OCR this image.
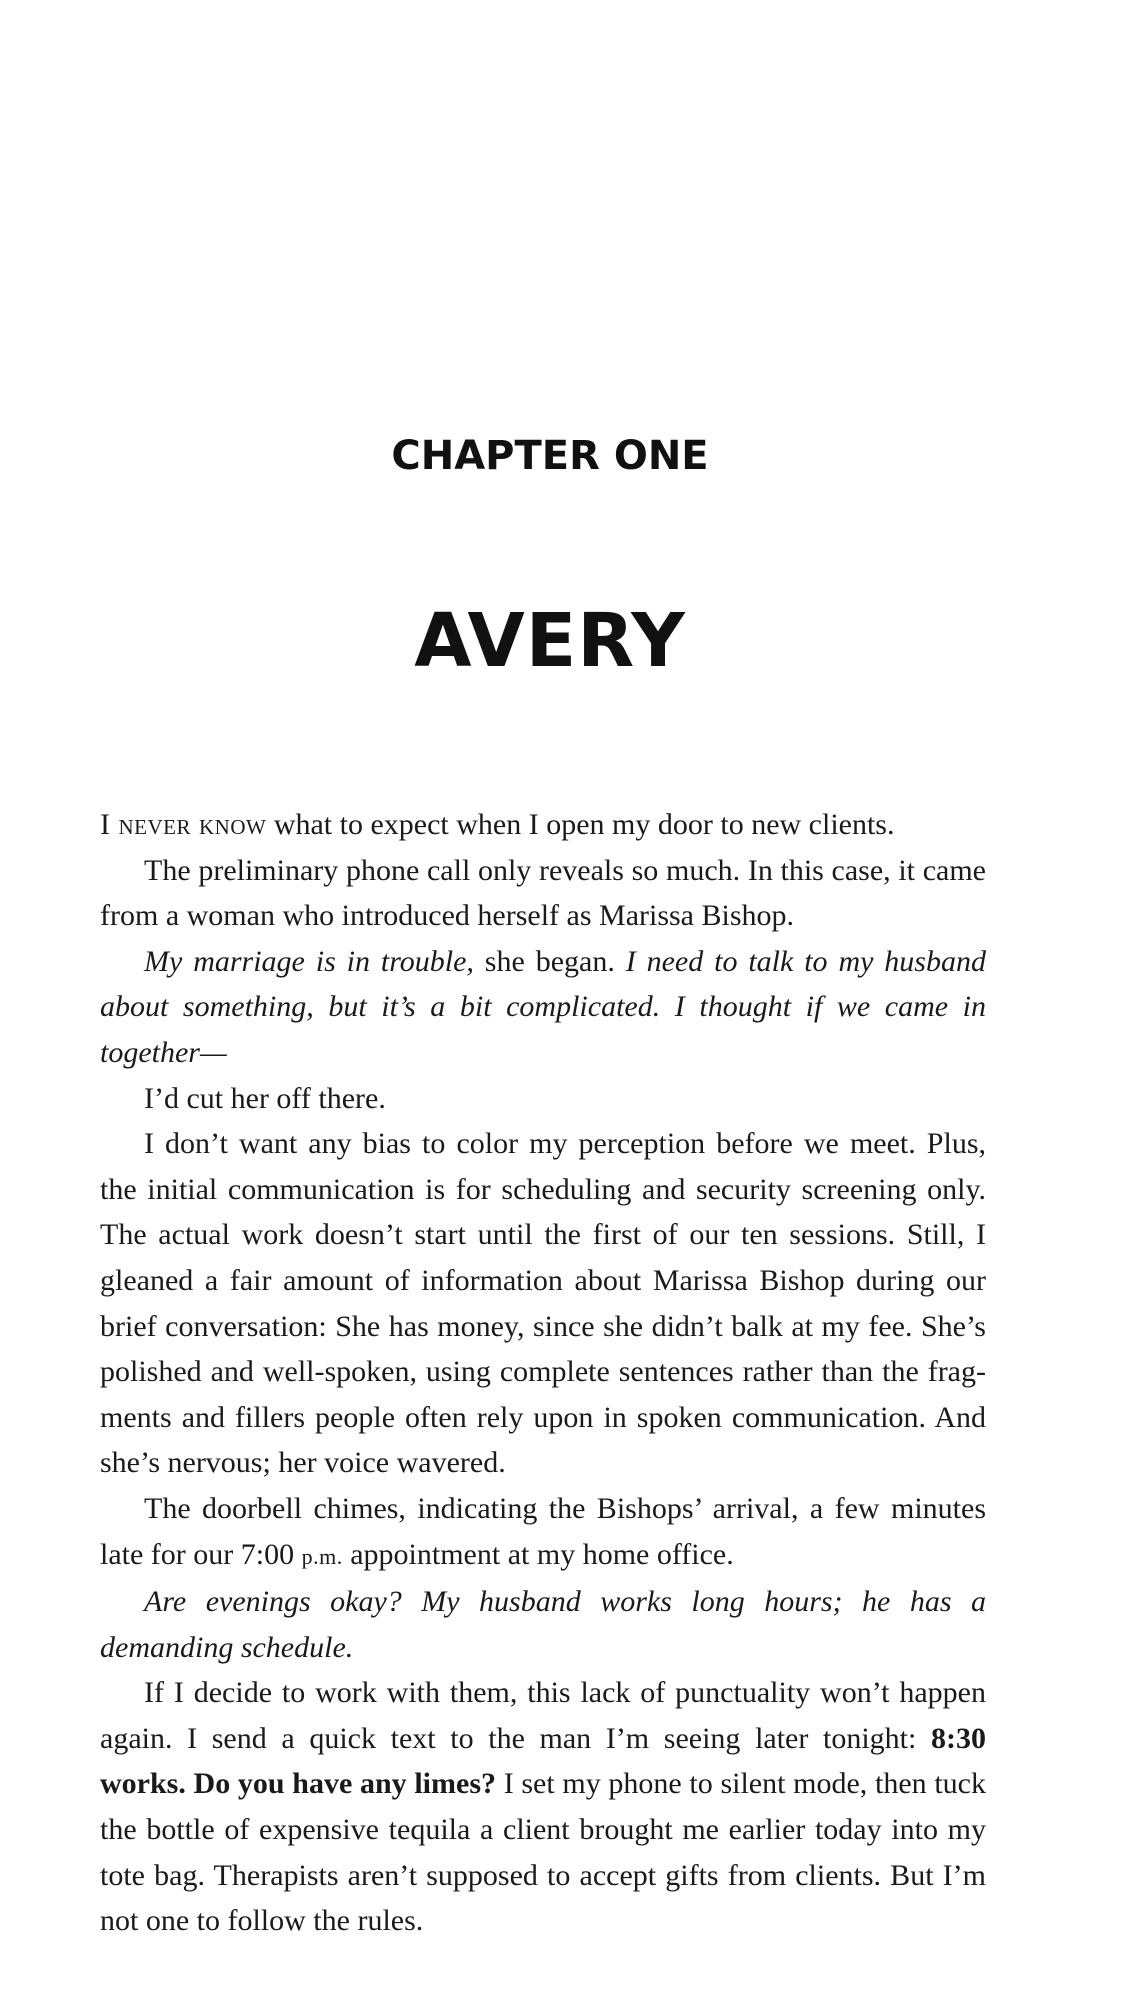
CHAPTER ONE
AVERY

I never know what to expect when I open my door to new clients.

The preliminary phone call only reveals so much. In this case, it came from a woman who introduced herself as Marissa Bishop.

My marriage is in trouble, she began. I need to talk to my husband about something, but it’s a bit complicated. I thought if we came in together—

I’d cut her off there.

I don’t want any bias to color my perception before we meet. Plus, the initial communication is for scheduling and security screening only. The actual work doesn’t start until the first of our ten sessions. Still, I gleaned a fair amount of information about Marissa Bishop during our brief conversation: She has money, since she didn’t balk at my fee. She’s polished and well-spoken, using complete sentences rather than the fragments and fillers people often rely upon in spoken communication. And she’s nervous; her voice wavered.

The doorbell chimes, indicating the Bishops’ arrival, a few minutes late for our 7:00 p.m. appointment at my home office.

Are evenings okay? My husband works long hours; he has a demanding schedule.

If I decide to work with them, this lack of punctuality won’t happen again. I send a quick text to the man I’m seeing later tonight: 8:30 works. Do you have any limes? I set my phone to silent mode, then tuck the bottle of expensive tequila a client brought me earlier today into my tote bag. Therapists aren’t supposed to accept gifts from clients. But I’m not one to follow the rules.
